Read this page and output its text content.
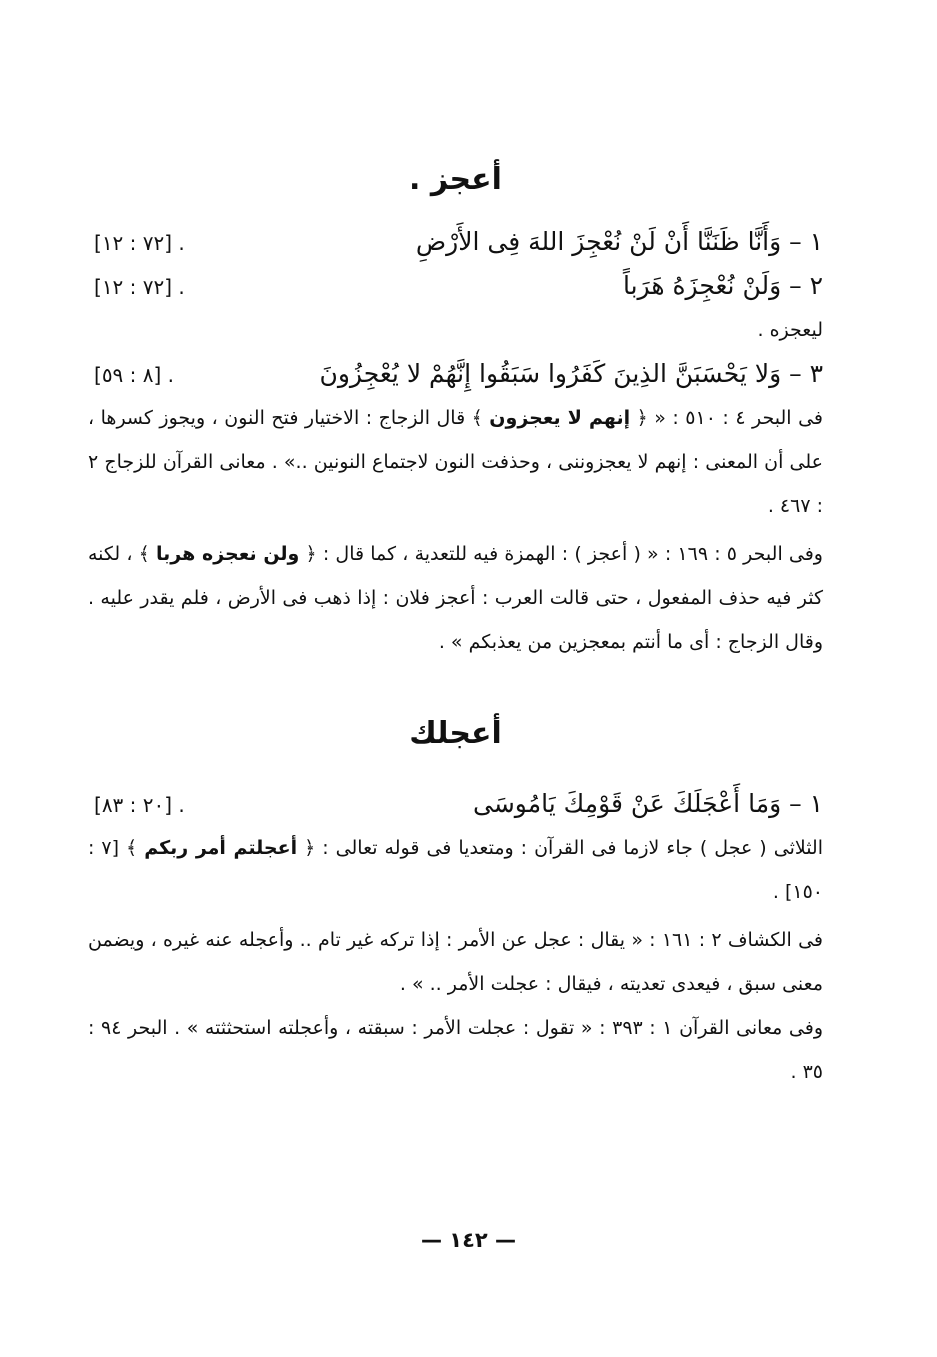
أعجز .
١ – وَأَنَّا ظَنَنَّا أَنْ لَنْ نُعْجِزَ اللهَ فِى الأَرْضِ
[٧٢ : ١٢] .
٢ – وَلَنْ نُعْجِزَهُ هَرَباً
[٧٢ : ١٢] .
ليعجزه .
٣ – وَلا يَحْسَبَنَّ الذِينَ كَفَرُوا سَبَقُوا إِنَّهُمْ لا يُعْجِزُونَ
[٨ : ٥٩] .
فى البحر ٤ : ٥١٠ : « ﴿ إنهم لا يعجزون ﴾ قال الزجاج : الاختيار فتح النون ، ويجوز كسرها ، على أن المعنى : إنهم لا يعجزوننى ، وحذفت النون لاجتماع النونين ..» . معانى القرآن للزجاج ٢ : ٤٦٧ .
وفى البحر ٥ : ١٦٩ : « ( أعجز ) : الهمزة فيه للتعدية ، كما قال : ﴿ ولن نعجزه هربا ﴾ ، لكنه كثر فيه حذف المفعول ، حتى قالت العرب : أعجز فلان : إذا ذهب فى الأرض ، فلم يقدر عليه . وقال الزجاج : أى ما أنتم بمعجزين من يعذبكم » .
أعجلك
١ – وَمَا أَعْجَلَكَ عَنْ قَوْمِكَ يَامُوسَى
[٢٠ : ٨٣] .
الثلاثى ( عجل ) جاء لازما فى القرآن : ومتعديا فى قوله تعالى : ﴿ أعجلتم أمر ربكم ﴾ [٧ : ١٥٠] .
فى الكشاف ٢ : ١٦١ : « يقال : عجل عن الأمر : إذا تركه غير تام .. وأعجله عنه غيره ، ويضمن معنى سبق ، فيعدى تعديته ، فيقال : عجلت الأمر .. » .
وفى معانى القرآن ١ : ٣٩٣ : « تقول : عجلت الأمر : سبقته ، وأعجلته استحثثته » . البحر ٩٤ : ٣٥ .
— ١٤٢ —
